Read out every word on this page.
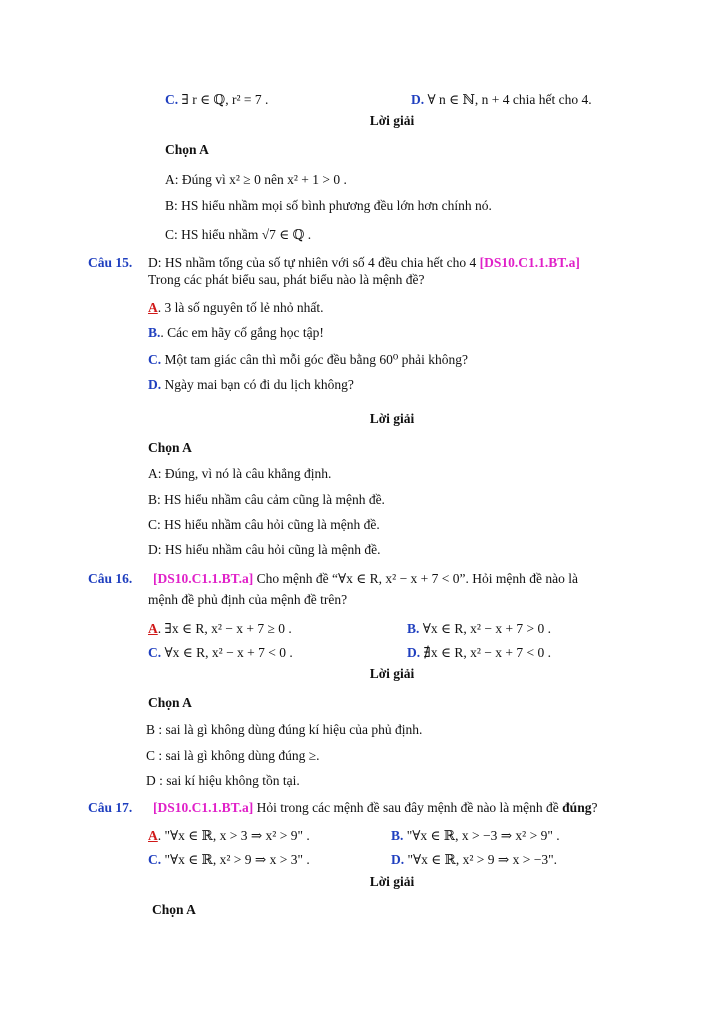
C. ∃ r ∈ ℚ, r² = 7 .	D. ∀ n ∈ ℕ, n + 4 chia hết cho 4.
Lời giải
Chọn A
A: Đúng vì x² ≥ 0 nên x² + 1 > 0 .
B: HS hiểu nhầm mọi số bình phương đều lớn hơn chính nó.
C: HS hiểu nhầm √7 ∈ ℚ .
Câu 15. D: HS nhầm tổng của số tự nhiên với số 4 đều chia hết cho 4 [DS10.C1.1.BT.a]
Trong các phát biểu sau, phát biểu nào là mệnh đề?
A. 3 là số nguyên tố lẻ nhỏ nhất.
B.. Các em hãy cố gắng học tập!
C. Một tam giác cân thì mỗi góc đều bằng 60⁰ phải không?
D. Ngày mai bạn có đi du lịch không?
Lời giải
Chọn A
A: Đúng, vì nó là câu khẳng định.
B: HS hiểu nhầm câu cảm cũng là mệnh đề.
C: HS hiểu nhầm câu hỏi cũng là mệnh đề.
D: HS hiểu nhầm câu hỏi cũng là mệnh đề.
Câu 16. [DS10.C1.1.BT.a] Cho mệnh đề “∀x ∈ R, x² − x + 7 < 0”. Hỏi mệnh đề nào là
mệnh đề phủ định của mệnh đề trên?
A. ∃x ∈ R, x² − x + 7 ≥ 0 .	B. ∀x ∈ R, x² − x + 7 > 0 .
C. ∀x ∈ R, x² − x + 7 < 0 .	D. ∄x ∈ R, x² − x + 7 < 0 .
Lời giải
Chọn A
B : sai là gì không dùng đúng kí hiệu của phủ định.
C : sai là gì không dùng đúng ≥.
D : sai kí hiệu không tồn tại.
Câu 17. [DS10.C1.1.BT.a] Hỏi trong các mệnh đề sau đây mệnh đề nào là mệnh đề đúng?
A. "∀x ∈ ℝ, x > 3 ⇒ x² > 9" .	B. "∀x ∈ ℝ, x > −3 ⇒ x² > 9" .
C. "∀x ∈ ℝ, x² > 9 ⇒ x > 3" .	D. "∀x ∈ ℝ, x² > 9 ⇒ x > −3".
Lời giải
Chọn A
